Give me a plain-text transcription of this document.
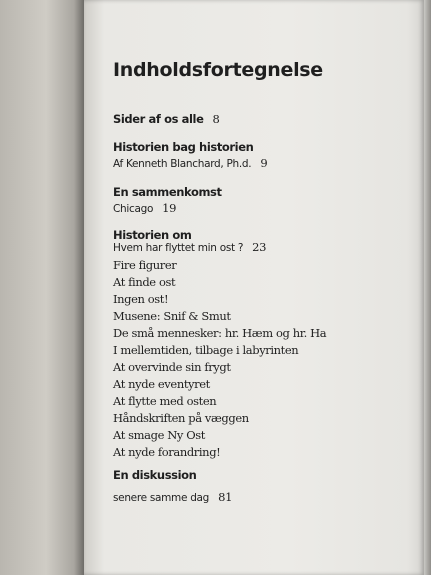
Indholdsfortegnelse
Sider af os alle 8
Historien bag historien
Af Kenneth Blanchard, Ph.d. 9
En sammenkomst
Chicago 19
Historien om
Hvem har flyttet min ost ? 23
Fire figurer
At finde ost
Ingen ost!
Musene: Snif & Smut
De små mennesker: hr. Hæm og hr. Ha
I mellemtiden, tilbage i labyrinten
At overvinde sin frygt
At nyde eventyret
At flytte med osten
Håndskriften på væggen
At smage Ny Ost
At nyde forandring!
En diskussion
senere samme dag 81
